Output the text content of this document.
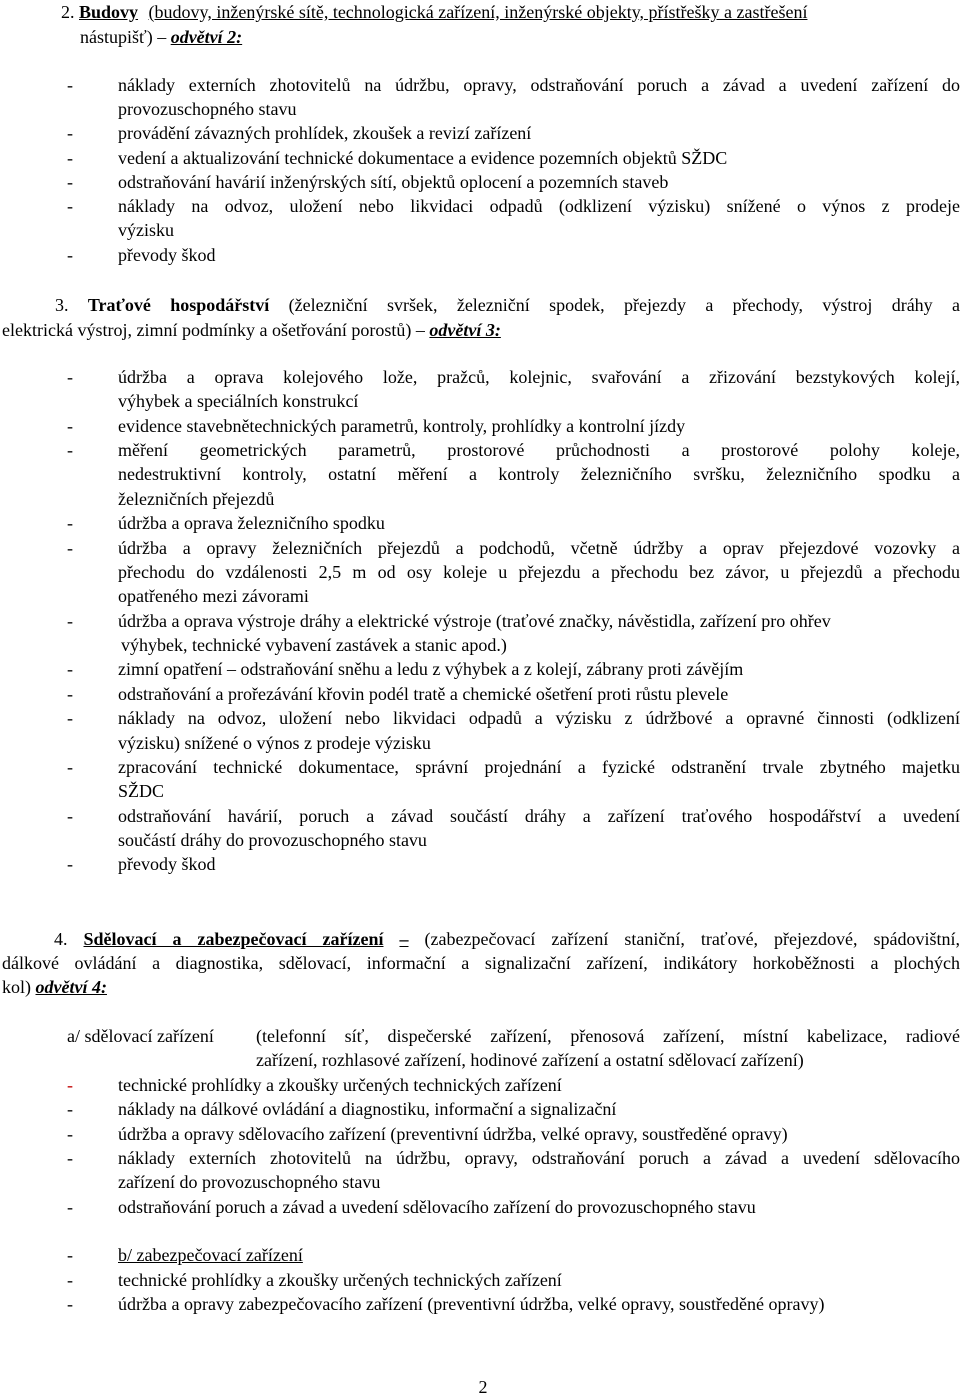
2. Budovy (budovy, inženýrské sítě, technologická zařízení, inženýrské objekty, přístřešky a zastřešení
nástupišť) – odvětví 2:
-	náklady externích zhotovitelů na údržbu, opravy, odstraňování poruch a závad a uvedení zařízení do
provozuschopného stavu
-	provádění závazných prohlídek, zkoušek a revizí zařízení
-	vedení a aktualizování technické dokumentace a evidence pozemních objektů SŽDC
-	odstraňování havárií inženýrských sítí, objektů oplocení a pozemních staveb
-	náklady na odvoz, uložení nebo likvidaci odpadů (odklizení výzisku) snížené o výnos z prodeje
výzisku
-	převody škod
3. Traťové hospodářství (železniční svršek, železniční spodek, přejezdy a přechody, výstroj dráhy a
elektrická výstroj, zimní podmínky a ošetřování porostů) – odvětví 3:
-	údržba a oprava kolejového lože, pražců, kolejnic, svařování a zřizování bezstykových kolejí,
výhybek a speciálních konstrukcí
-	evidence stavebnětechnických parametrů, kontroly, prohlídky a kontrolní jízdy
-	měření geometrických parametrů, prostorové průchodnosti a prostorové polohy koleje,
nedestruktivní kontroly, ostatní měření a kontroly železničního svršku, železničního spodku a
železničních přejezdů
-	údržba a oprava železničního spodku
-	údržba a opravy železničních přejezdů a podchodů, včetně údržby a oprav přejezdové vozovky a
přechodu do vzdálenosti 2,5 m od osy koleje u přejezdu a přechodu bez závor, u přejezdů a přechodu
opatřeného mezi závorami
-	údržba a oprava výstroje dráhy a elektrické výstroje (traťové značky, návěstidla, zařízení pro ohřev
výhybek, technické vybavení zastávek a stanic apod.)
-	zimní opatření – odstraňování sněhu a ledu z výhybek a z kolejí, zábrany proti závějím
-	odstraňování a prořezávání křovin podél tratě a chemické ošetření proti růstu plevele
-	náklady na odvoz, uložení nebo likvidaci odpadů a výzisku z údržbové a opravné činnosti (odklizení
výzisku) snížené o výnos z prodeje výzisku
-	zpracování technické dokumentace, správní projednání a fyzické odstranění trvale zbytného majetku
SŽDC
-	odstraňování havárií, poruch a závad součástí dráhy a zařízení traťového hospodářství a uvedení
součástí dráhy do provozuschopného stavu
-	převody škod
4. Sdělovací a zabezpečovací zařízení – (zabezpečovací zařízení staniční, traťové, přejezdové, spádovištní,
dálkové ovládání a diagnostika, sdělovací, informační a signalizační zařízení, indikátory horkoběžnosti a plochých
kol) odvětví 4:
a/ sdělovací zařízení (telefonní síť, dispečerské zařízení, přenosová zařízení, místní kabelizace, radiové
zařízení, rozhlasové zařízení, hodinové zařízení a ostatní sdělovací zařízení)
-	technické prohlídky a zkoušky určených technických zařízení
-	náklady na dálkové ovládání a diagnostiku, informační a signalizační
-	údržba a opravy sdělovacího zařízení (preventivní údržba, velké opravy, soustředěné opravy)
-	náklady externích zhotovitelů na údržbu, opravy, odstraňování poruch a závad a uvedení sdělovacího
zařízení do provozuschopného stavu
-	odstraňování poruch a závad a uvedení sdělovacího zařízení do provozuschopného stavu
-	b/ zabezpečovací zařízení
-	technické prohlídky a zkoušky určených technických zařízení
-	údržba a opravy zabezpečovacího zařízení (preventivní údržba, velké opravy, soustředěné opravy)
2
